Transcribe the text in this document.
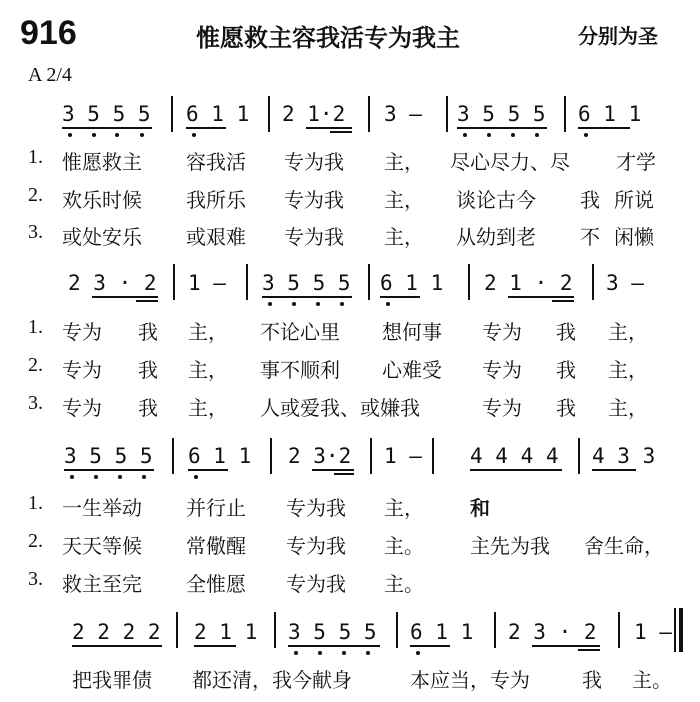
916	惟愿救主容我活专为我主	分别为圣
A 2/4
3 5 5 5 6 1 1 2 1·2 3 – 3 5 5 5 6 1 1
1. 惟愿救主 容我活 专为我 主， 尽心尽力、尽 才学
2. 欢乐时候 我所乐 专为我 主， 谈论古今 我 所说
3. 或处安乐 或艰难 专为我 主， 从幼到老 不 闲懒
2 3 · 2 1 – 3 5 5 5 6 1 1 2 1 · 2 3 –
1. 专为 我 主， 不论心里 想何事 专为 我 主，
2. 专为 我 主， 事不顺利 心难受 专为 我 主，
3. 专为 我 主， 人或爱我、或嫌我	专为 我 主，
3 5 5 5 6 1 1 2 3·2 1 – 4 4 4 4 4 3 3
1. 一生举动 并行止 专为我 主， 和
2. 天天等候 常儆醒 专为我 主。 主先为我 舍生命，
3. 救主至完 全惟愿 专为我 主。
2 2 2 2 2 1 1 3 5 5 5 6 1 1 2 3 · 2 1 –
把我罪债 都还清，我今献身	本应当，专为	我 主。
